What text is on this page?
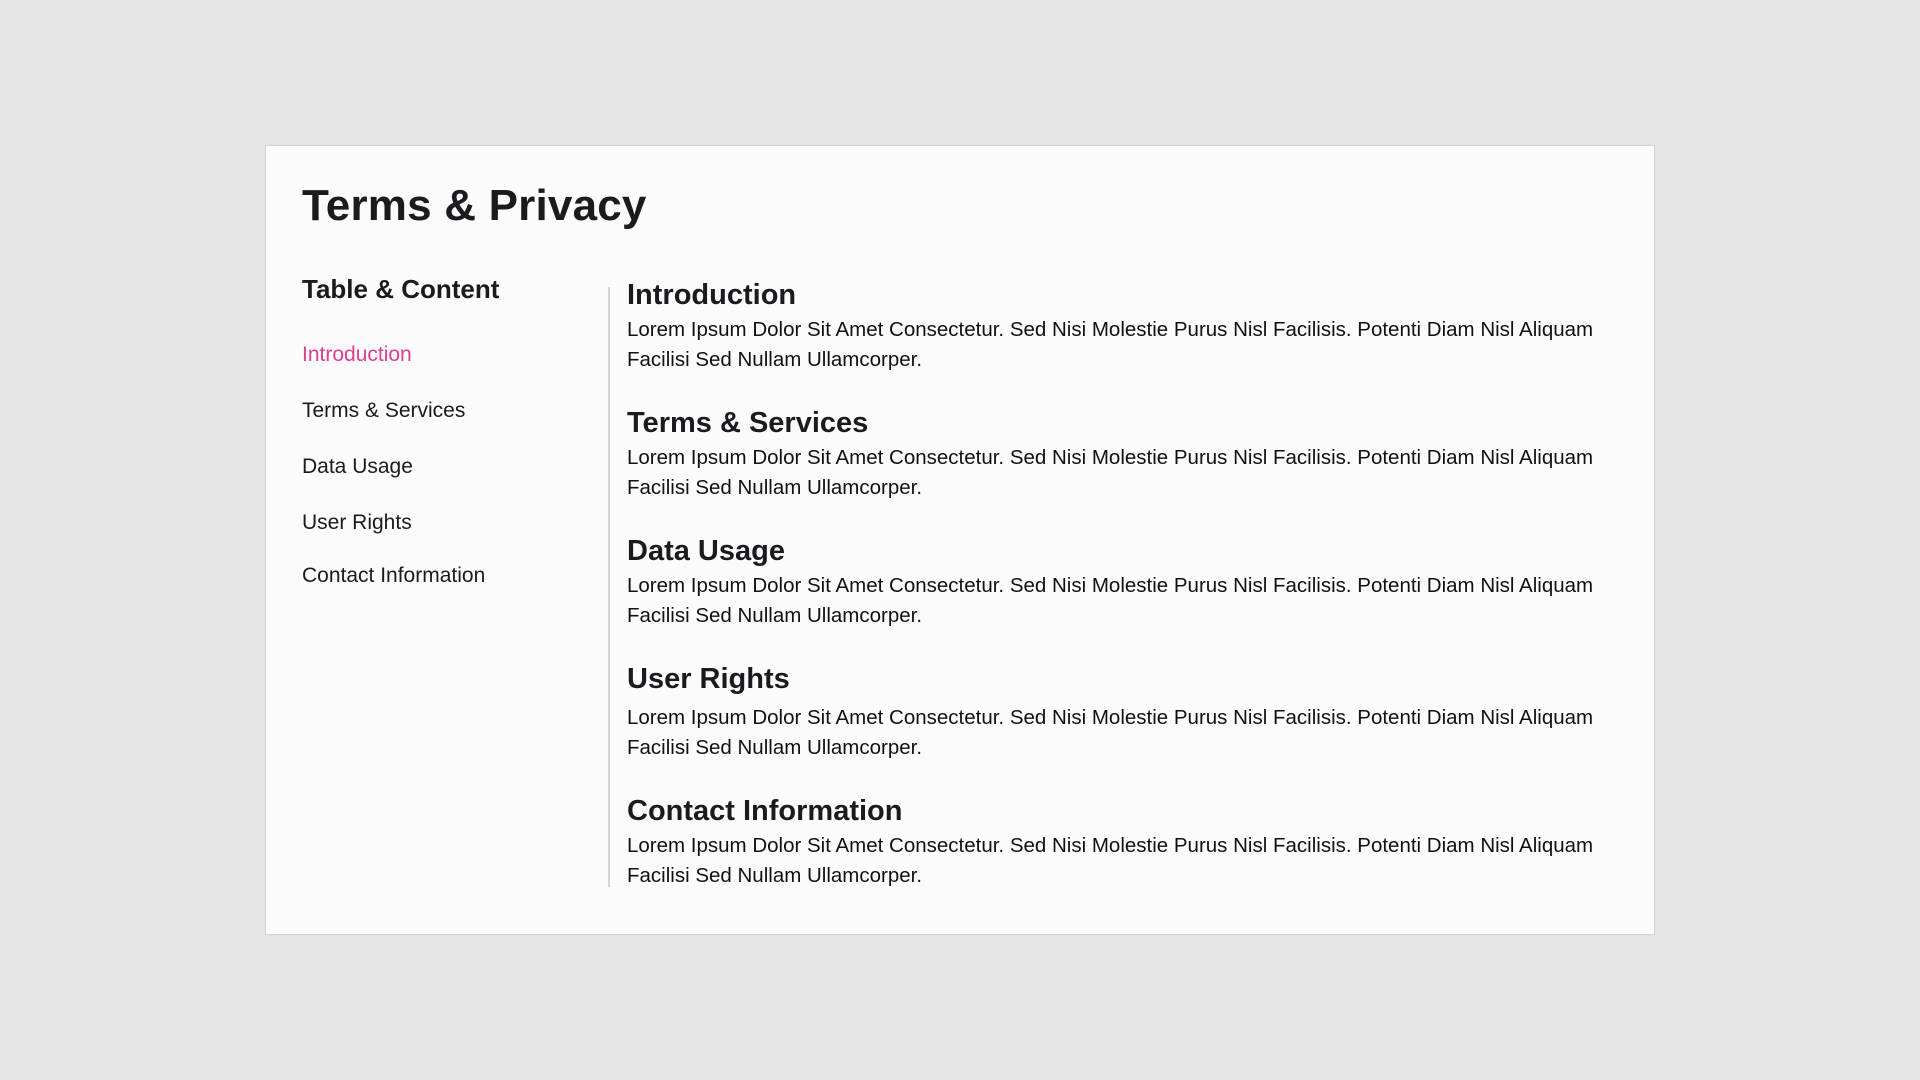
Terms & Privacy
Table & Content
Introduction
Terms & Services
Data Usage
User Rights
Contact Information
Introduction

Lorem Ipsum Dolor Sit Amet Consectetur. Sed Nisi Molestie Purus Nisl Facilisis. Potenti Diam Nisl Aliquam Facilisi Sed Nullam Ullamcorper.

Terms & Services

Lorem Ipsum Dolor Sit Amet Consectetur. Sed Nisi Molestie Purus Nisl Facilisis. Potenti Diam Nisl Aliquam Facilisi Sed Nullam Ullamcorper.

Data Usage

Lorem Ipsum Dolor Sit Amet Consectetur. Sed Nisi Molestie Purus Nisl Facilisis. Potenti Diam Nisl Aliquam Facilisi Sed Nullam Ullamcorper.

User Rights

Lorem Ipsum Dolor Sit Amet Consectetur. Sed Nisi Molestie Purus Nisl Facilisis. Potenti Diam Nisl Aliquam Facilisi Sed Nullam Ullamcorper.

Contact Information

Lorem Ipsum Dolor Sit Amet Consectetur. Sed Nisi Molestie Purus Nisl Facilisis. Potenti Diam Nisl Aliquam Facilisi Sed Nullam Ullamcorper.
